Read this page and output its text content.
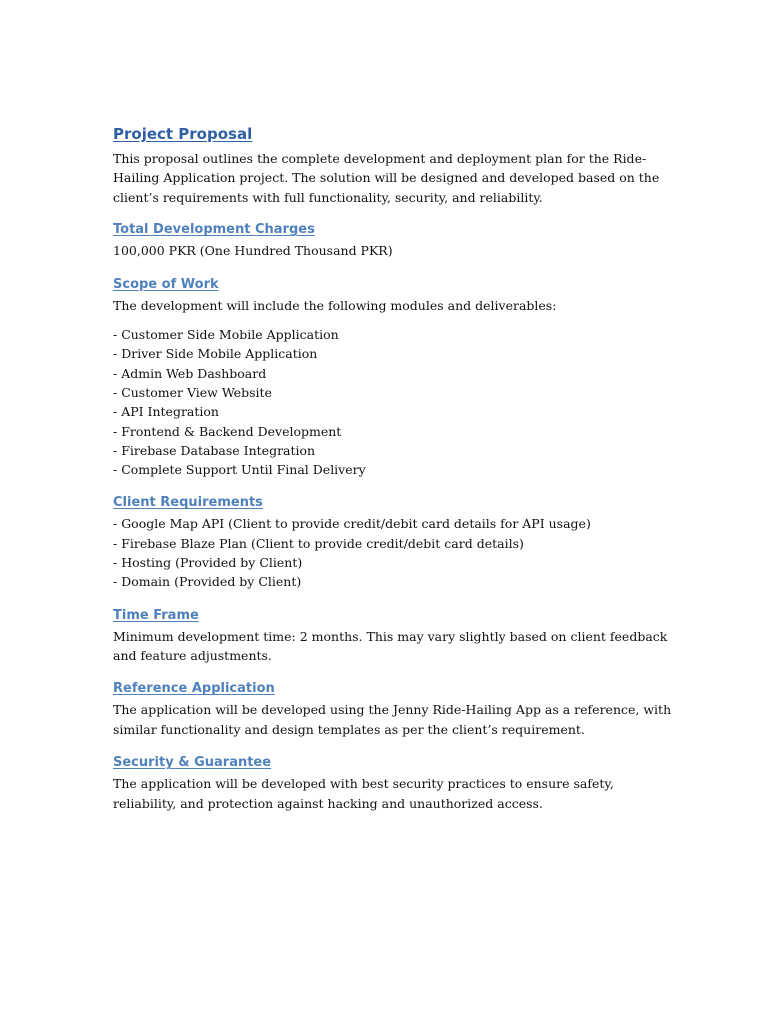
Project Proposal

This proposal outlines the complete development and deployment plan for the Ride-Hailing Application project. The solution will be designed and developed based on the client’s requirements with full functionality, security, and reliability.

Total Development Charges

100,000 PKR (One Hundred Thousand PKR)

Scope of Work

The development will include the following modules and deliverables:

- Customer Side Mobile Application
- Driver Side Mobile Application
- Admin Web Dashboard
- Customer View Website
- API Integration
- Frontend & Backend Development
- Firebase Database Integration
- Complete Support Until Final Delivery
Client Requirements
- Google Map API (Client to provide credit/debit card details for API usage)
- Firebase Blaze Plan (Client to provide credit/debit card details)
- Hosting (Provided by Client)
- Domain (Provided by Client)
Time Frame

Minimum development time: 2 months. This may vary slightly based on client feedback and feature adjustments.

Reference Application

The application will be developed using the Jenny Ride-Hailing App as a reference, with similar functionality and design templates as per the client’s requirement.

Security & Guarantee

The application will be developed with best security practices to ensure safety, reliability, and protection against hacking and unauthorized access.
